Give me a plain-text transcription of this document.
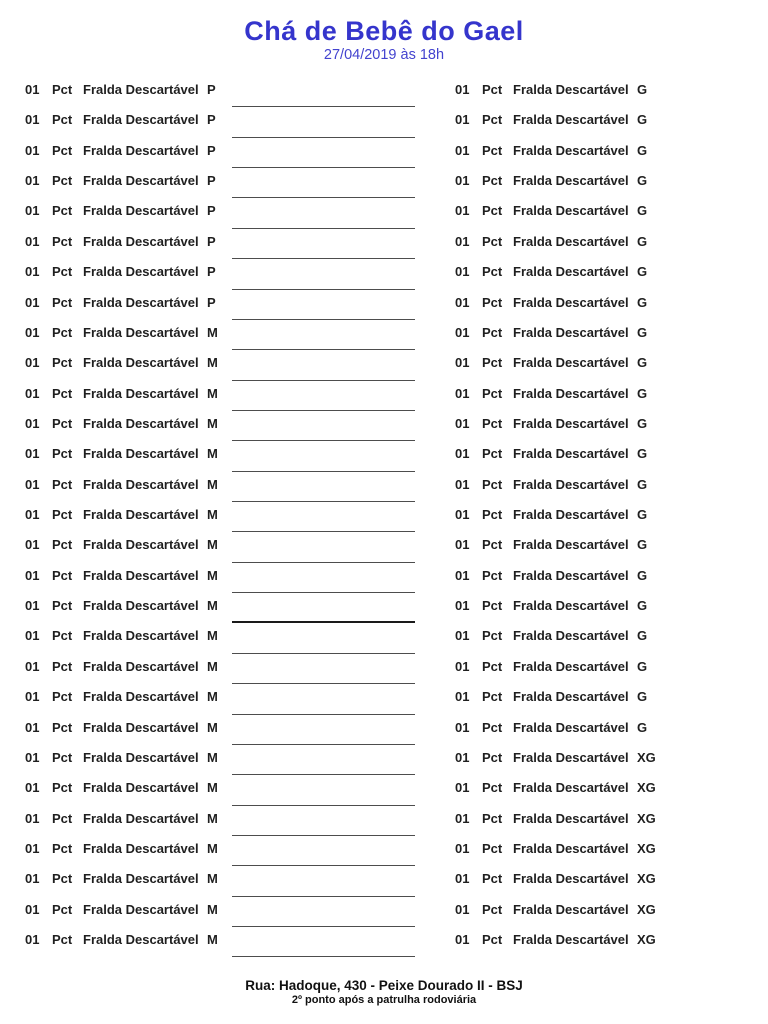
Chá de Bebê do Gael
27/04/2019 às 18h
01 Pct Fralda Descartável P
01 Pct Fralda Descartável P
01 Pct Fralda Descartável P
01 Pct Fralda Descartável P
01 Pct Fralda Descartável P
01 Pct Fralda Descartável P
01 Pct Fralda Descartável P
01 Pct Fralda Descartável P
01 Pct Fralda Descartável M
01 Pct Fralda Descartável M
01 Pct Fralda Descartável M
01 Pct Fralda Descartável M
01 Pct Fralda Descartável M
01 Pct Fralda Descartável M
01 Pct Fralda Descartável M
01 Pct Fralda Descartável M
01 Pct Fralda Descartável M
01 Pct Fralda Descartável M
01 Pct Fralda Descartável M
01 Pct Fralda Descartável M
01 Pct Fralda Descartável M
01 Pct Fralda Descartável M
01 Pct Fralda Descartável M
01 Pct Fralda Descartável M
01 Pct Fralda Descartável M
01 Pct Fralda Descartável M
01 Pct Fralda Descartável M
01 Pct Fralda Descartável M
01 Pct Fralda Descartável M
01 Pct Fralda Descartável G
01 Pct Fralda Descartável G
01 Pct Fralda Descartável G
01 Pct Fralda Descartável G
01 Pct Fralda Descartável G
01 Pct Fralda Descartável G
01 Pct Fralda Descartável G
01 Pct Fralda Descartável G
01 Pct Fralda Descartável G
01 Pct Fralda Descartável G
01 Pct Fralda Descartável G
01 Pct Fralda Descartável G
01 Pct Fralda Descartável G
01 Pct Fralda Descartável G
01 Pct Fralda Descartável G
01 Pct Fralda Descartável G
01 Pct Fralda Descartável G
01 Pct Fralda Descartável G
01 Pct Fralda Descartável G
01 Pct Fralda Descartável G
01 Pct Fralda Descartável G
01 Pct Fralda Descartável G
01 Pct Fralda Descartável XG
01 Pct Fralda Descartável XG
01 Pct Fralda Descartável XG
01 Pct Fralda Descartável XG
01 Pct Fralda Descartável XG
01 Pct Fralda Descartável XG
01 Pct Fralda Descartável XG
Rua: Hadoque, 430 - Peixe Dourado II - BSJ
2º ponto após a patrulha rodoviária
